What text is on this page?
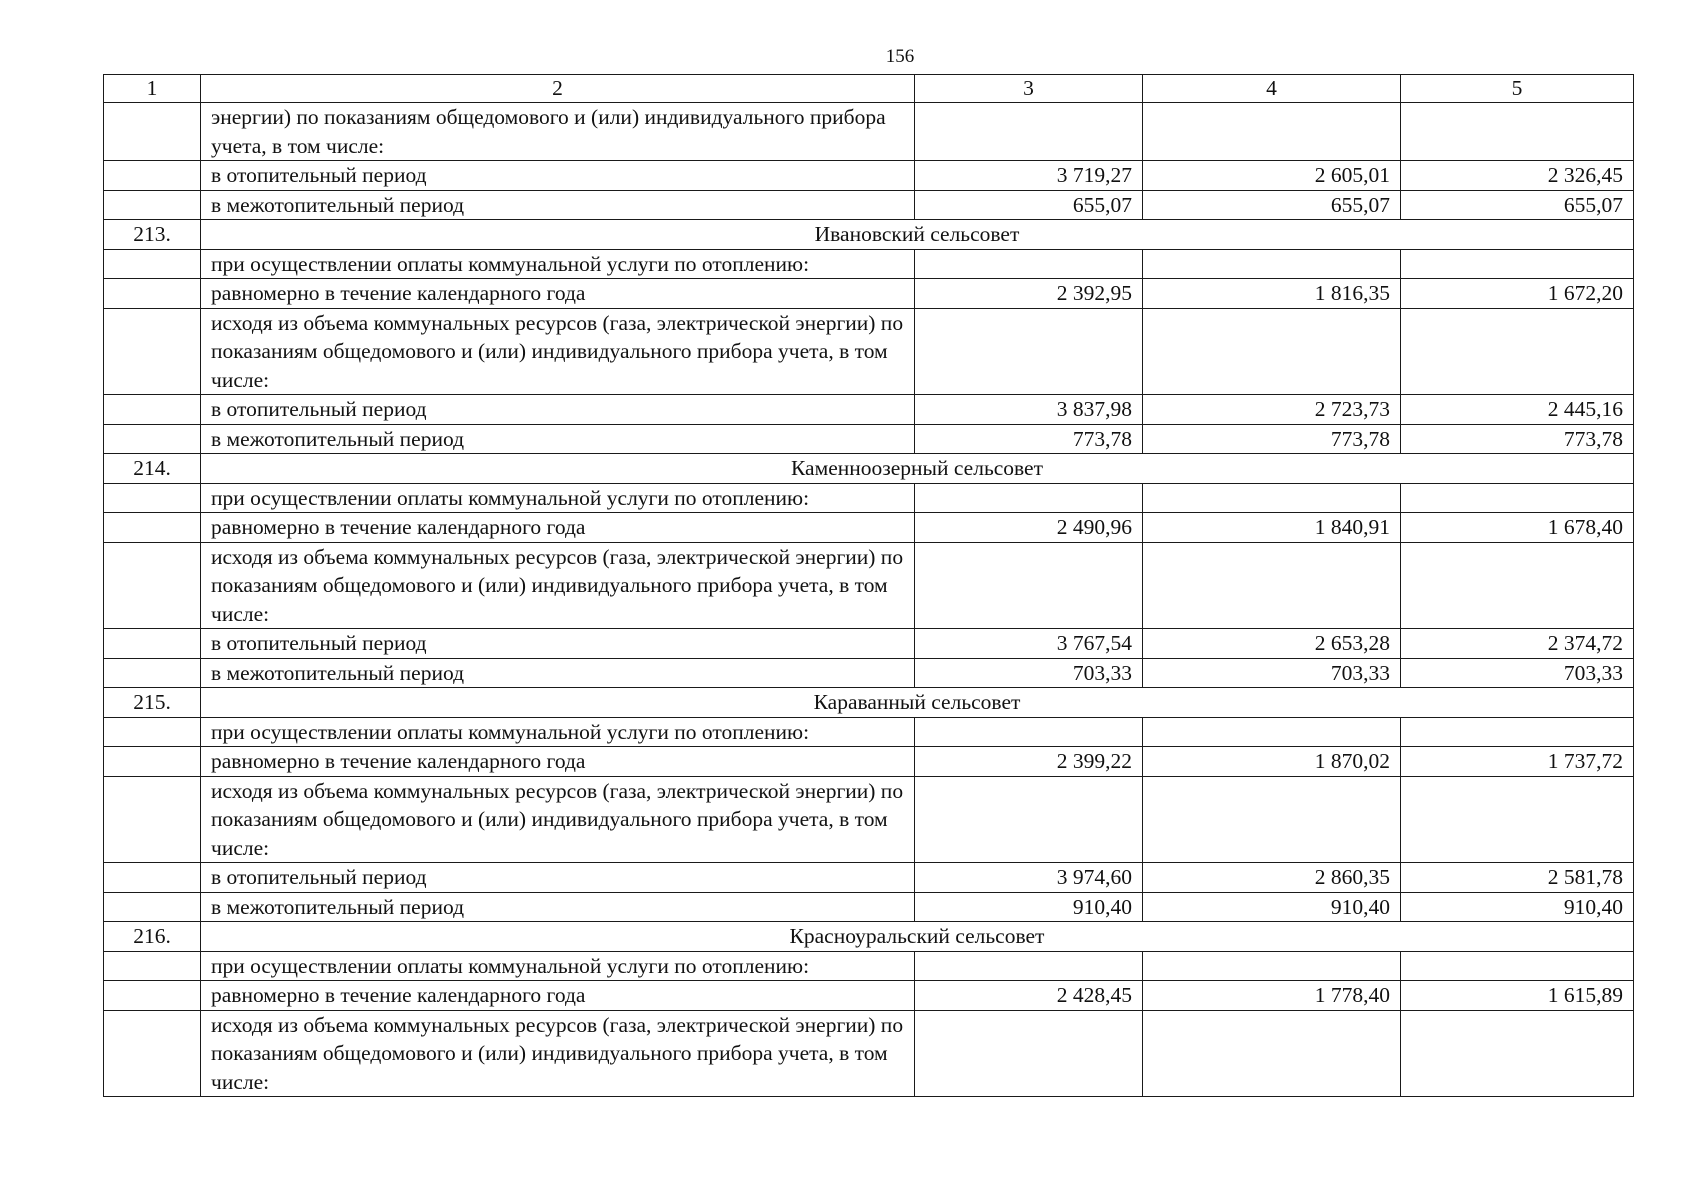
156
1	2	3	4	5
	энергии) по показаниям общедомового и (или) индивидуального прибора учета, в том числе:			
	в отопительный период	3 719,27	2 605,01	2 326,45
	в межотопительный период	655,07	655,07	655,07
213.	Ивановский сельсовет			
	при осуществлении оплаты коммунальной услуги по отоплению:			
	равномерно в течение календарного года	2 392,95	1 816,35	1 672,20
	исходя из объема коммунальных ресурсов (газа, электрической энергии) по показаниям общедомового и (или) индивидуального прибора учета, в том числе:			
	в отопительный период	3 837,98	2 723,73	2 445,16
	в межотопительный период	773,78	773,78	773,78
214.	Каменноозерный сельсовет			
	при осуществлении оплаты коммунальной услуги по отоплению:			
	равномерно в течение календарного года	2 490,96	1 840,91	1 678,40
	исходя из объема коммунальных ресурсов (газа, электрической энергии) по показаниям общедомового и (или) индивидуального прибора учета, в том числе:			
	в отопительный период	3 767,54	2 653,28	2 374,72
	в межотопительный период	703,33	703,33	703,33
215.	Караванный сельсовет			
	при осуществлении оплаты коммунальной услуги по отоплению:			
	равномерно в течение календарного года	2 399,22	1 870,02	1 737,72
	исходя из объема коммунальных ресурсов (газа, электрической энергии) по показаниям общедомового и (или) индивидуального прибора учета, в том числе:			
	в отопительный период	3 974,60	2 860,35	2 581,78
	в межотопительный период	910,40	910,40	910,40
216.	Красноуральский сельсовет			
	при осуществлении оплаты коммунальной услуги по отоплению:			
	равномерно в течение календарного года	2 428,45	1 778,40	1 615,89
	исходя из объема коммунальных ресурсов (газа, электрической энергии) по показаниям общедомового и (или) индивидуального прибора учета, в том числе:			
